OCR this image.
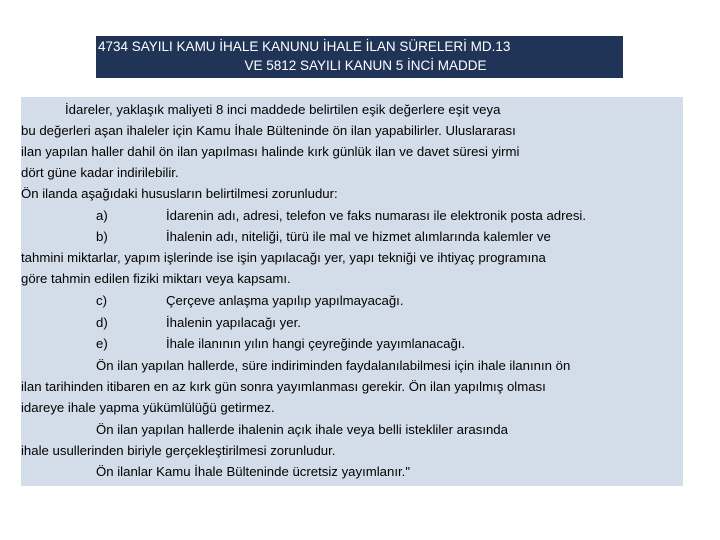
4734 SAYILI KAMU İHALE KANUNU İHALE İLAN SÜRELERİ MD.13
VE 5812 SAYILI KANUN 5 İNCİ MADDE
İdareler, yaklaşık maliyeti 8 inci maddede belirtilen eşik değerlere eşit veya
bu değerleri aşan ihaleler için Kamu İhale Bülteninde ön ilan yapabilirler. Uluslararası
ilan yapılan haller dahil ön ilan yapılması halinde kırk günlük ilan ve davet süresi yirmi
dört güne kadar indirilebilir.
Ön ilanda aşağıdaki hususların belirtilmesi zorunludur:
a)	İdarenin adı, adresi, telefon ve faks numarası ile elektronik posta adresi.
b)	İhalenin adı, niteliği, türü ile mal ve hizmet alımlarında kalemler ve
tahmini miktarlar, yapım işlerinde ise işin yapılacağı yer, yapı tekniği ve ihtiyaç programına
göre tahmin edilen fiziki miktarı veya kapsamı.
c)	Çerçeve anlaşma yapılıp yapılmayacağı.
d)	İhalenin yapılacağı yer.
e)	İhale ilanının yılın hangi çeyreğinde yayımlanacağı.
Ön ilan yapılan hallerde, süre indiriminden faydalanılabilmesi için ihale ilanının ön
ilan tarihinden itibaren en az kırk gün sonra yayımlanması gerekir. Ön ilan yapılmış olması
idareye ihale yapma yükümlülüğü getirmez.
Ön ilan yapılan hallerde ihalenin açık ihale veya belli istekliler arasında
ihale usullerinden biriyle gerçekleştirilmesi zorunludur.
Ön ilanlar Kamu İhale Bülteninde ücretsiz yayımlanır."
